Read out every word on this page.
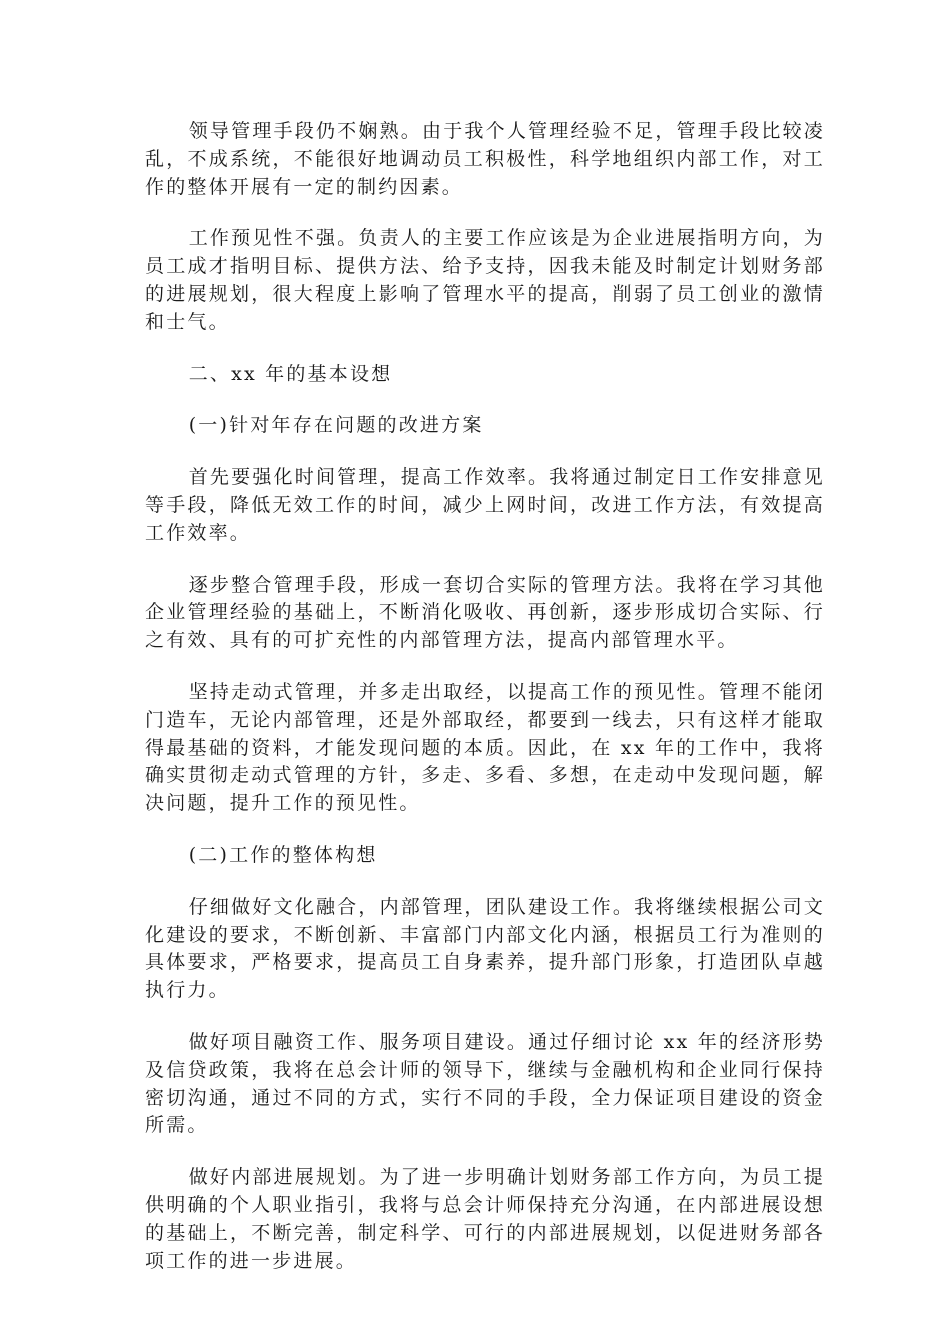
领导管理手段仍不娴熟。由于我个人管理经验不足，管理手段比较凌乱，不成系统，不能很好地调动员工积极性，科学地组织内部工作，对工作的整体开展有一定的制约因素。

工作预见性不强。负责人的主要工作应该是为企业进展指明方向，为员工成才指明目标、提供方法、给予支持，因我未能及时制定计划财务部的进展规划，很大程度上影响了管理水平的提高，削弱了员工创业的激情和士气。

二、xx 年的基本设想

(一)针对年存在问题的改进方案

首先要强化时间管理，提高工作效率。我将通过制定日工作安排意见等手段，降低无效工作的时间，减少上网时间，改进工作方法，有效提高工作效率。

逐步整合管理手段，形成一套切合实际的管理方法。我将在学习其他企业管理经验的基础上，不断消化吸收、再创新，逐步形成切合实际、行之有效、具有的可扩充性的内部管理方法，提高内部管理水平。

坚持走动式管理，并多走出取经，以提高工作的预见性。管理不能闭门造车，无论内部管理，还是外部取经，都要到一线去，只有这样才能取得最基础的资料，才能发现问题的本质。因此，在 xx 年的工作中，我将确实贯彻走动式管理的方针，多走、多看、多想，在走动中发现问题，解决问题，提升工作的预见性。

(二)工作的整体构想

仔细做好文化融合，内部管理，团队建设工作。我将继续根据公司文化建设的要求，不断创新、丰富部门内部文化内涵，根据员工行为准则的具体要求，严格要求，提高员工自身素养，提升部门形象，打造团队卓越执行力。

做好项目融资工作、服务项目建设。通过仔细讨论 xx 年的经济形势及信贷政策，我将在总会计师的领导下，继续与金融机构和企业同行保持密切沟通，通过不同的方式，实行不同的手段，全力保证项目建设的资金所需。

做好内部进展规划。为了进一步明确计划财务部工作方向，为员工提供明确的个人职业指引，我将与总会计师保持充分沟通，在内部进展设想的基础上，不断完善，制定科学、可行的内部进展规划，以促进财务部各项工作的进一步进展。
